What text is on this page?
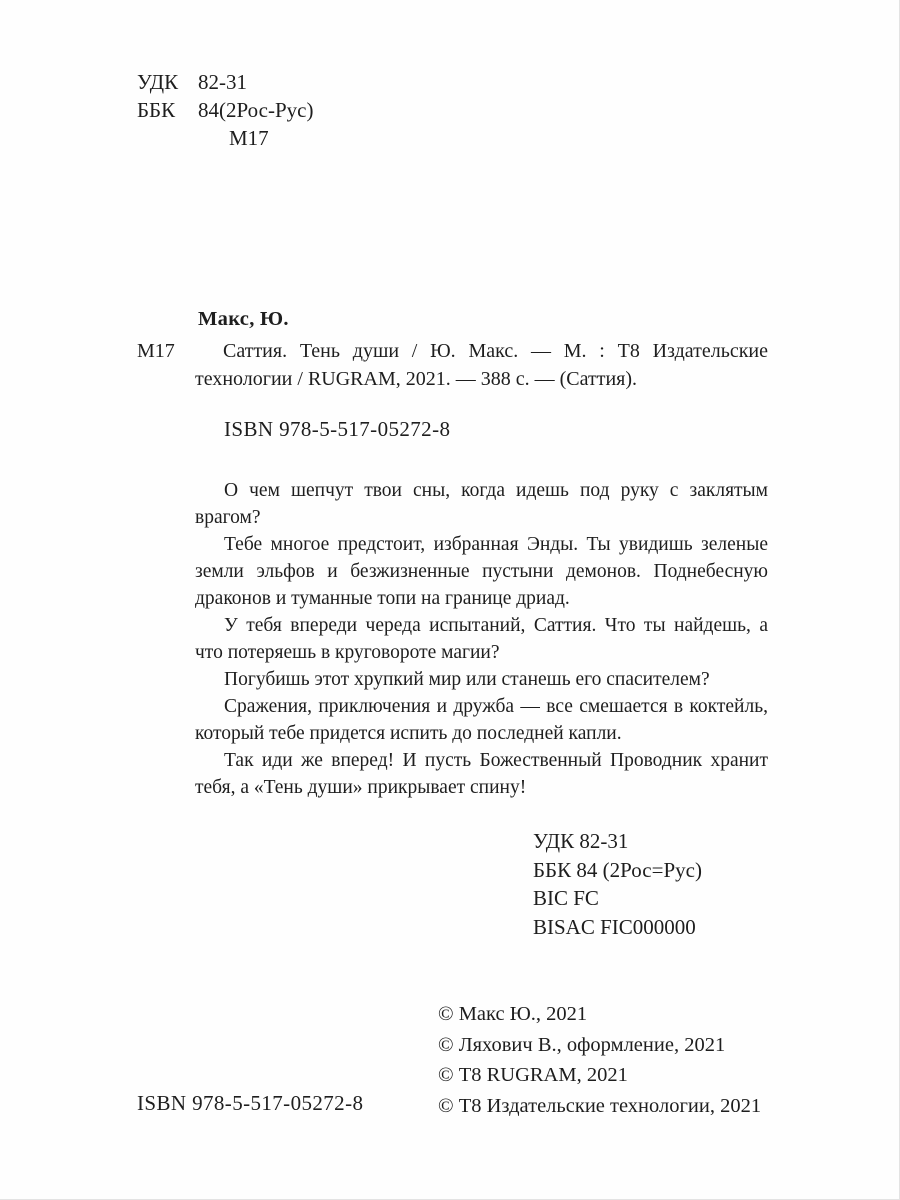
УДК 82-31
ББК 84(2Рос-Рус)
М17
Макс, Ю.
М17	Саттия. Тень души / Ю. Макс. — М. : Т8 Издательские технологии / RUGRAM, 2021. — 388 с. — (Саттия).

ISBN 978-5-517-05272-8

О чем шепчут твои сны, когда идешь под руку с заклятым врагом?

Тебе многое предстоит, избранная Энды. Ты увидишь зеленые земли эльфов и безжизненные пустыни демонов. Поднебесную драконов и туманные топи на границе дриад.

У тебя впереди череда испытаний, Саттия. Что ты найдешь, а что потеряешь в круговороте магии?

Погубишь этот хрупкий мир или станешь его спасителем?

Сражения, приключения и дружба — все смешается в коктейль, который тебе придется испить до последней капли.

Так иди же вперед! И пусть Божественный Проводник хранит тебя, а «Тень души» прикрывает спину!

УДК 82-31
ББК 84 (2Рос=Рус)
BIC FC
BISAC FIC000000
© Макс Ю., 2021
© Ляхович В., оформление, 2021
© Т8 RUGRAM, 2021
© Т8 Издательские технологии, 2021
ISBN 978-5-517-05272-8
